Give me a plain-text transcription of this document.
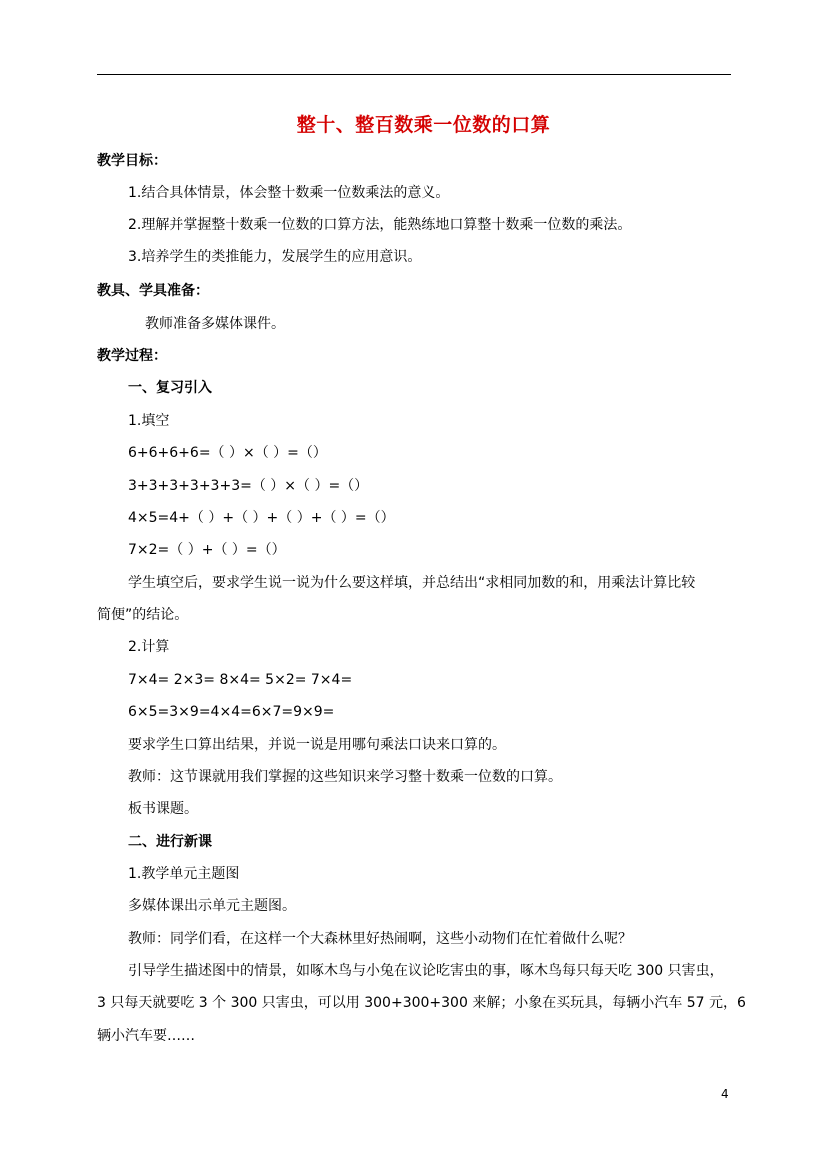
整十、整百数乘一位数的口算
教学目标：
1.结合具体情景，体会整十数乘一位数乘法的意义。
2.理解并掌握整十数乘一位数的口算方法，能熟练地口算整十数乘一位数的乘法。
3.培养学生的类推能力，发展学生的应用意识。
教具、学具准备：
教师准备多媒体课件。
教学过程：
一、复习引入
1.填空
6+6+6+6=（ ）×（ ）=（）
3+3+3+3+3+3=（ ）×（ ）=（）
4×5=4+（ ）+（ ）+（ ）+（ ）=（）
7×2=（ ）+（ ）=（）
学生填空后，要求学生说一说为什么要这样填，并总结出“求相同加数的和，用乘法计算比较
简便”的结论。
2.计算
7×4= 2×3= 8×4= 5×2= 7×4=
6×5=3×9=4×4=6×7=9×9=
要求学生口算出结果，并说一说是用哪句乘法口诀来口算的。
教师：这节课就用我们掌握的这些知识来学习整十数乘一位数的口算。
板书课题。
二、进行新课
1.教学单元主题图
多媒体课出示单元主题图。
教师：同学们看，在这样一个大森林里好热闹啊，这些小动物们在忙着做什么呢？
引导学生描述图中的情景，如啄木鸟与小兔在议论吃害虫的事，啄木鸟每只每天吃 300 只害虫，
3 只每天就要吃 3 个 300 只害虫，可以用 300+300+300 来解；小象在买玩具，每辆小汽车 57 元，6
辆小汽车要……
4
